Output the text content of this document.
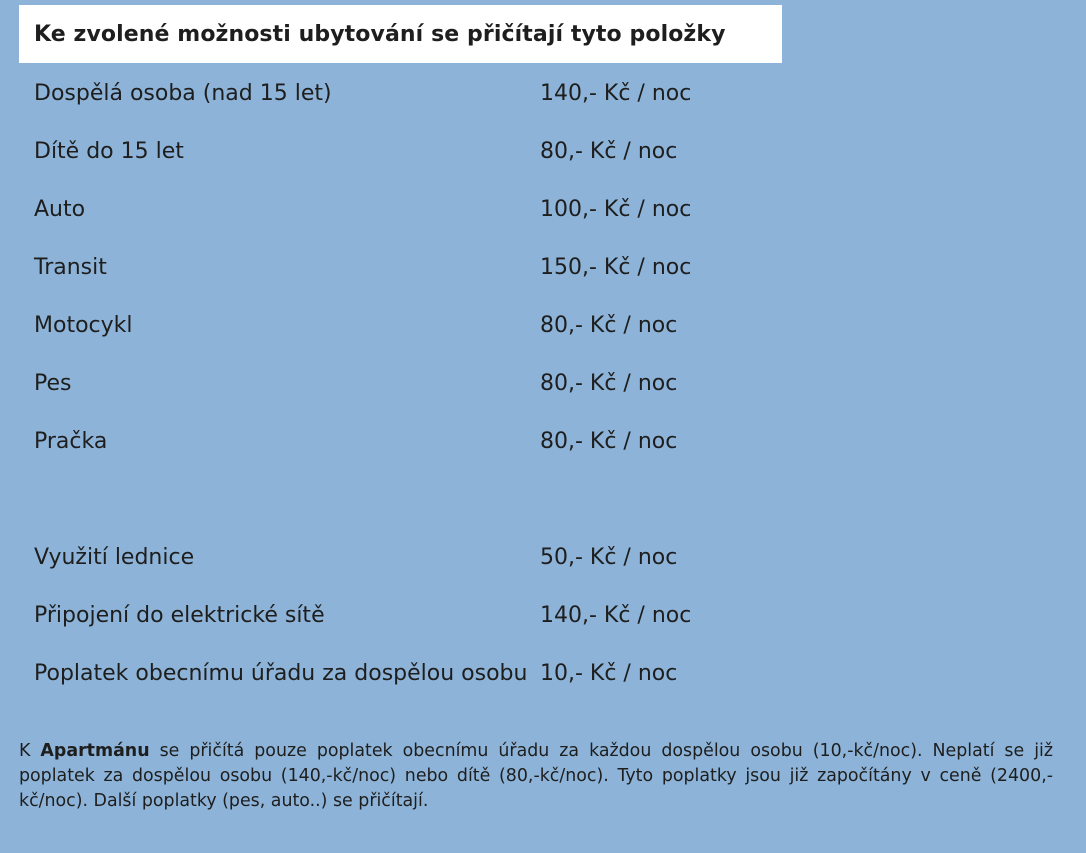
Ke zvolené možnosti ubytování se přičítají tyto položky
Dospělá osoba (nad 15 let)	140,- Kč / noc
Dítě do 15 let	80,- Kč / noc
Auto	100,- Kč / noc
Transit	150,- Kč / noc
Motocykl	80,- Kč / noc
Pes	80,- Kč / noc
Pračka	80,- Kč / noc
Využití lednice	50,- Kč / noc
Připojení do elektrické sítě	140,- Kč / noc
Poplatek obecnímu úřadu za dospělou osobu 10,- Kč / noc

K Apartmánu se přičítá pouze poplatek obecnímu úřadu za každou dospělou osobu (10,-kč/noc). Neplatí se již poplatek za dospělou osobu (140,-kč/noc) nebo dítě (80,-kč/noc). Tyto poplatky jsou již započítány v ceně (2400,-kč/noc). Další poplatky (pes, auto..) se přičítají.
